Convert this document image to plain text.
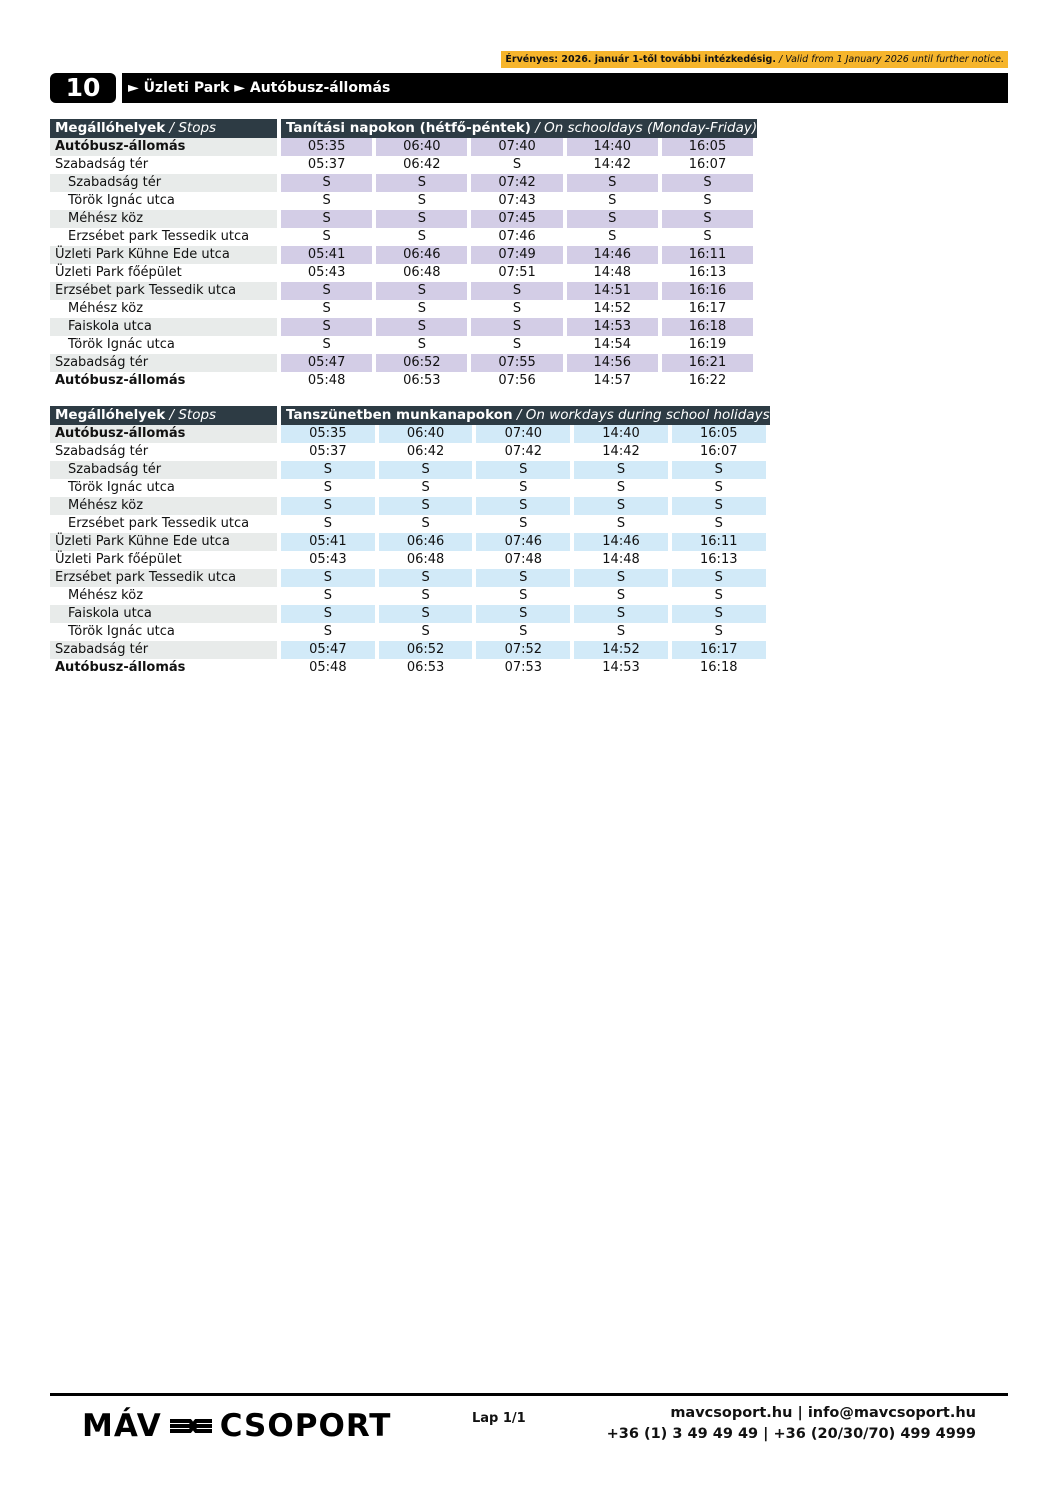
Érvényes: 2026. január 1-től további intézkedésig. / Valid from 1 January 2026 until further notice.
10	► Üzleti Park ► Autóbusz-állomás
Megállóhelyek / Stops	Tanítási napokon (hétfő-péntek) / On schooldays (Monday-Friday)				
Autóbusz-állomás	05:35	06:40	07:40	14:40	16:05
Szabadság tér	05:37	06:42	S	14:42	16:07
Szabadság tér	S	S	07:42	S	S
Török Ignác utca	S	S	07:43	S	S
Méhész köz	S	S	07:45	S	S
Erzsébet park Tessedik utca	S	S	07:46	S	S
Üzleti Park Kühne Ede utca	05:41	06:46	07:49	14:46	16:11
Üzleti Park főépület	05:43	06:48	07:51	14:48	16:13
Erzsébet park Tessedik utca	S	S	S	14:51	16:16
Méhész köz	S	S	S	14:52	16:17
Faiskola utca	S	S	S	14:53	16:18
Török Ignác utca	S	S	S	14:54	16:19
Szabadság tér	05:47	06:52	07:55	14:56	16:21
Autóbusz-állomás	05:48	06:53	07:56	14:57	16:22
Megállóhelyek / Stops	Tanszünetben munkanapokon / On workdays during school holidays				
Autóbusz-állomás	05:35	06:40	07:40	14:40	16:05
Szabadság tér	05:37	06:42	07:42	14:42	16:07
Szabadság tér	S	S	S	S	S
Török Ignác utca	S	S	S	S	S
Méhész köz	S	S	S	S	S
Erzsébet park Tessedik utca	S	S	S	S	S
Üzleti Park Kühne Ede utca	05:41	06:46	07:46	14:46	16:11
Üzleti Park főépület	05:43	06:48	07:48	14:48	16:13
Erzsébet park Tessedik utca	S	S	S	S	S
Méhész köz	S	S	S	S	S
Faiskola utca	S	S	S	S	S
Török Ignác utca	S	S	S	S	S
Szabadság tér	05:47	06:52	07:52	14:52	16:17
Autóbusz-állomás	05:48	06:53	07:53	14:53	16:18
MÁV CSOPORT	Lap 1/1	mavcsoport.hu | info@mavcsoport.hu
+36 (1) 3 49 49 49 | +36 (20/30/70) 499 4999
